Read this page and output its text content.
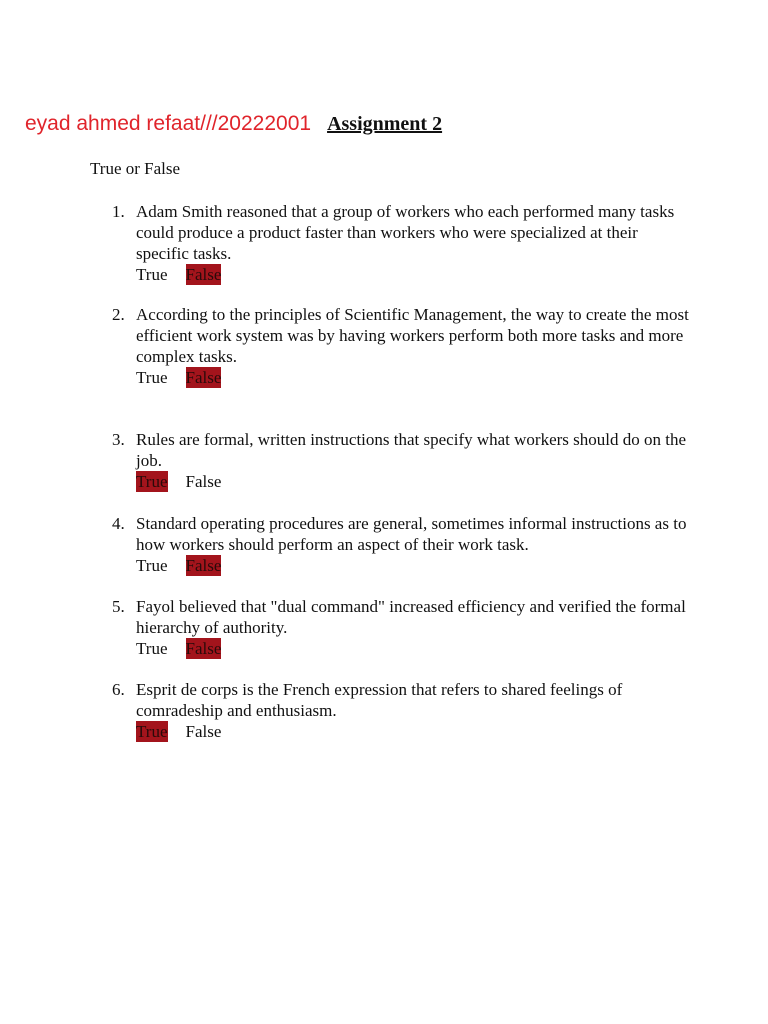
eyad ahmed refaat///20222001 Assignment 2
True or False
1. Adam Smith reasoned that a group of workers who each performed many tasks could produce a product faster than workers who were specialized at their specific tasks.
True False
2. According to the principles of Scientific Management, the way to create the most efficient work system was by having workers perform both more tasks and more complex tasks.
True False
3. Rules are formal, written instructions that specify what workers should do on the job.
True False
4. Standard operating procedures are general, sometimes informal instructions as to how workers should perform an aspect of their work task.
True False
5. Fayol believed that "dual command" increased efficiency and verified the formal hierarchy of authority.
True False
6. Esprit de corps is the French expression that refers to shared feelings of comradeship and enthusiasm.
True False
